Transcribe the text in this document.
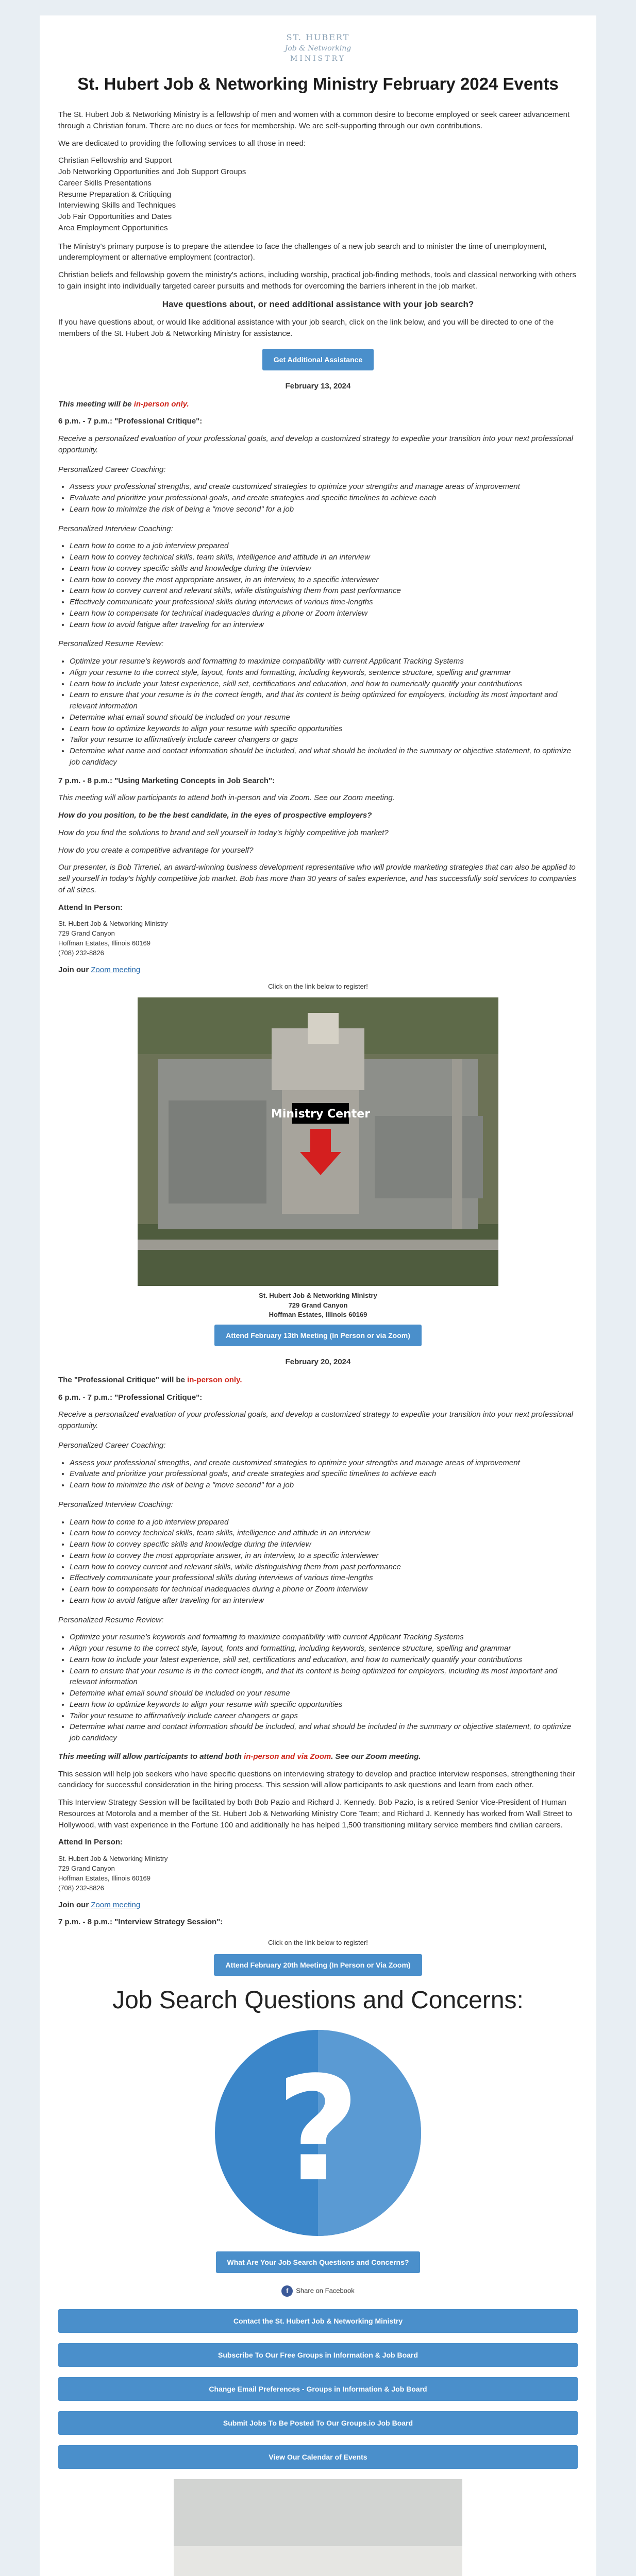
ST. HUBERT
Job & Networking
MINISTRY
St. Hubert Job & Networking Ministry February 2024 Events

The St. Hubert Job & Networking Ministry is a fellowship of men and women with a common desire to become employed or seek career advancement through a Christian forum. There are no dues or fees for membership. We are self-supporting through our own contributions.

We are dedicated to providing the following services to all those in need:

Christian Fellowship and Support
Job Networking Opportunities and Job Support Groups
Career Skills Presentations
Resume Preparation & Critiquing
Interviewing Skills and Techniques
Job Fair Opportunities and Dates
Area Employment Opportunities

The Ministry's primary purpose is to prepare the attendee to face the challenges of a new job search and to minister the time of unemployment, underemployment or alternative employment (contractor).

Christian beliefs and fellowship govern the ministry's actions, including worship, practical job-finding methods, tools and classical networking with others to gain insight into individually targeted career pursuits and methods for overcoming the barriers inherent in the job market.

Have questions about, or need additional assistance with your job search?

If you have questions about, or would like additional assistance with your job search, click on the link below, and you will be directed to one of the members of the St. Hubert Job & Networking Ministry for assistance.

Get Additional Assistance
February 13, 2024

This meeting will be in-person only.

6 p.m. - 7 p.m.: "Professional Critique":

Receive a personalized evaluation of your professional goals, and develop a customized strategy to expedite your transition into your next professional opportunity.

Personalized Career Coaching:

• Assess your professional strengths, and create customized strategies to optimize your strengths and manage areas of improvement
• Evaluate and prioritize your professional goals, and create strategies and specific timelines to achieve each
• Learn how to minimize the risk of being a "move second" for a job

Personalized Interview Coaching:

• Learn how to come to a job interview prepared
• Learn how to convey technical skills, team skills, intelligence and attitude in an interview
• Learn how to convey specific skills and knowledge during the interview
• Learn how to convey the most appropriate answer, in an interview, to a specific interviewer
• Learn how to convey current and relevant skills, while distinguishing them from past performance
• Effectively communicate your professional skills during interviews of various time-lengths
• Learn how to compensate for technical inadequacies during a phone or Zoom interview
• Learn how to avoid fatigue after traveling for an interview

Personalized Resume Review:

• Optimize your resume's keywords and formatting to maximize compatibility with current Applicant Tracking Systems
• Align your resume to the correct style, layout, fonts and formatting, including keywords, sentence structure, spelling and grammar
• Learn how to include your latest experience, skill set, certifications and education, and how to numerically quantify your contributions
• Learn to ensure that your resume is in the correct length, and that its content is being optimized for employers, including its most important and relevant information
• Determine what email sound should be included on your resume
• Learn how to optimize keywords to align your resume with specific opportunities
• Tailor your resume to affirmatively include career changers or gaps
• Determine what name and contact information should be included, and what should be included in the summary or objective statement, to optimize job candidacy

7 p.m. - 8 p.m.: "Using Marketing Concepts in Job Search":

This meeting will allow participants to attend both in-person and via Zoom. See our Zoom meeting.

How do you position, to be the best candidate, in the eyes of prospective employers?

How do you find the solutions to brand and sell yourself in today's highly competitive job market?

How do you create a competitive advantage for yourself?

Our presenter, is Bob Tirrenel, an award-winning business development representative who will provide marketing strategies that can also be applied to sell yourself in today's highly competitive job market. Bob has more than 30 years of sales experience, and has successfully sold services to companies of all sizes.

Attend In Person:

St. Hubert Job & Networking Ministry
729 Grand Canyon
Hoffman Estates, Illinois 60169
(708) 232-8826

Join our Zoom meeting

Click on the link below to register!

Ministry Center
St. Hubert Job & Networking Ministry
729 Grand Canyon
Hoffman Estates, Illinois 60169
Attend February 13th Meeting (In Person or via Zoom)
February 20, 2024

The "Professional Critique" will be in-person only.

6 p.m. - 7 p.m.: "Professional Critique":

Receive a personalized evaluation of your professional goals, and develop a customized strategy to expedite your transition into your next professional opportunity.

Personalized Career Coaching:

• Assess your professional strengths, and create customized strategies to optimize your strengths and manage areas of improvement
• Evaluate and prioritize your professional goals, and create strategies and specific timelines to achieve each
• Learn how to minimize the risk of being a "move second" for a job

Personalized Interview Coaching:

• Learn how to come to a job interview prepared
• Learn how to convey technical skills, team skills, intelligence and attitude in an interview
• Learn how to convey specific skills and knowledge during the interview
• Learn how to convey the most appropriate answer, in an interview, to a specific interviewer
• Learn how to convey current and relevant skills, while distinguishing them from past performance
• Effectively communicate your professional skills during interviews of various time-lengths
• Learn how to compensate for technical inadequacies during a phone or Zoom interview
• Learn how to avoid fatigue after traveling for an interview

Personalized Resume Review:

• Optimize your resume's keywords and formatting to maximize compatibility with current Applicant Tracking Systems
• Align your resume to the correct style, layout, fonts and formatting, including keywords, sentence structure, spelling and grammar
• Learn how to include your latest experience, skill set, certifications and education, and how to numerically quantify your contributions
• Learn to ensure that your resume is in the correct length, and that its content is being optimized for employers, including its most important and relevant information
• Determine what email sound should be included on your resume
• Learn how to optimize keywords to align your resume with specific opportunities
• Tailor your resume to affirmatively include career changers or gaps
• Determine what name and contact information should be included, and what should be included in the summary or objective statement, to optimize job candidacy

This meeting will allow participants to attend both in-person and via Zoom. See our Zoom meeting.

This session will help job seekers who have specific questions on interviewing strategy to develop and practice interview responses, strengthening their candidacy for successful consideration in the hiring process. This session will allow participants to ask questions and learn from each other.

This Interview Strategy Session will be facilitated by both Bob Pazio and Richard J. Kennedy. Bob Pazio, is a retired Senior Vice-President of Human Resources at Motorola and a member of the St. Hubert Job & Networking Ministry Core Team; and Richard J. Kennedy has worked from Wall Street to Hollywood, with vast experience in the Fortune 100 and additionally he has helped 1,500 transitioning military service members find civilian careers.

Attend In Person:

St. Hubert Job & Networking Ministry
729 Grand Canyon
Hoffman Estates, Illinois 60169
(708) 232-8826

Join our Zoom meeting

7 p.m. - 8 p.m.: "Interview Strategy Session":

Click on the link below to register!

Attend February 20th Meeting (In Person or Via Zoom)
Job Search Questions and Concerns:
?
What Are Your Job Search Questions and Concerns?
f Share on Facebook
Contact the St. Hubert Job & Networking Ministry
Subscribe To Our Free Groups in Information & Job Board
Change Email Preferences - Groups in Information & Job Board
Submit Jobs To Be Posted To Our Groups.io Job Board
View Our Calendar of Events
